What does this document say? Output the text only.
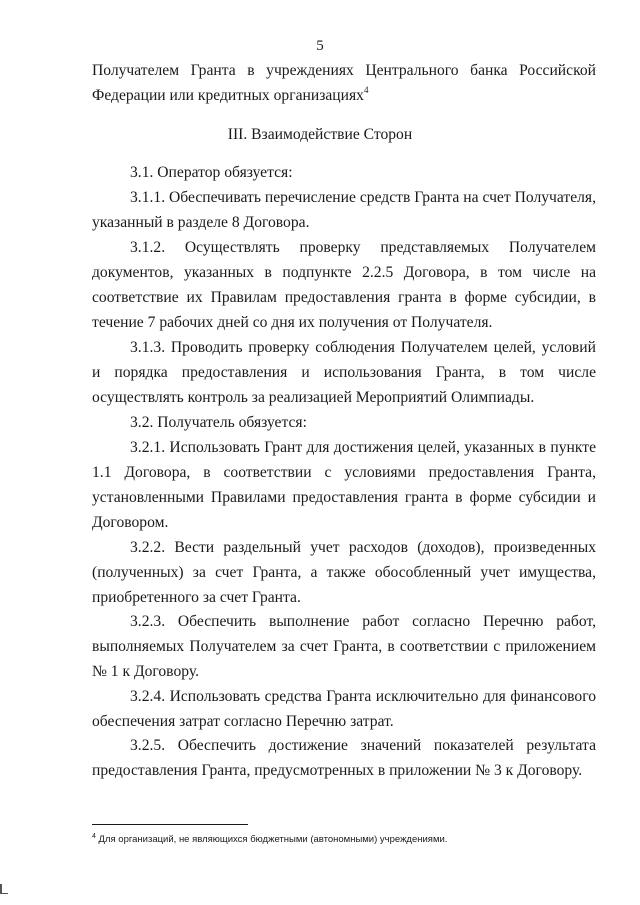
5
Получателем Гранта в учреждениях Центрального банка Российской Федерации или кредитных организациях$^4$
III. Взаимодействие Сторон
3.1. Оператор обязуется:
3.1.1. Обеспечивать перечисление средств Гранта на счет Получателя, указанный в разделе 8 Договора.
3.1.2. Осуществлять проверку представляемых Получателем документов, указанных в подпункте 2.2.5 Договора, в том числе на соответствие их Правилам предоставления гранта в форме субсидии, в течение 7 рабочих дней со дня их получения от Получателя.
3.1.3. Проводить проверку соблюдения Получателем целей, условий и порядка предоставления и использования Гранта, в том числе осуществлять контроль за реализацией Мероприятий Олимпиады.
3.2. Получатель обязуется:
3.2.1. Использовать Грант для достижения целей, указанных в пункте 1.1 Договора, в соответствии с условиями предоставления Гранта, установленными Правилами предоставления гранта в форме субсидии и Договором.
3.2.2. Вести раздельный учет расходов (доходов), произведенных (полученных) за счет Гранта, а также обособленный учет имущества, приобретенного за счет Гранта.
3.2.3. Обеспечить выполнение работ согласно Перечню работ, выполняемых Получателем за счет Гранта, в соответствии с приложением № 1 к Договору.
3.2.4. Использовать средства Гранта исключительно для финансового обеспечения затрат согласно Перечню затрат.
3.2.5. Обеспечить достижение значений показателей результата предоставления Гранта, предусмотренных в приложении № 3 к Договору.
$^4$ Для организаций, не являющихся бюджетными (автономными) учреждениями.
